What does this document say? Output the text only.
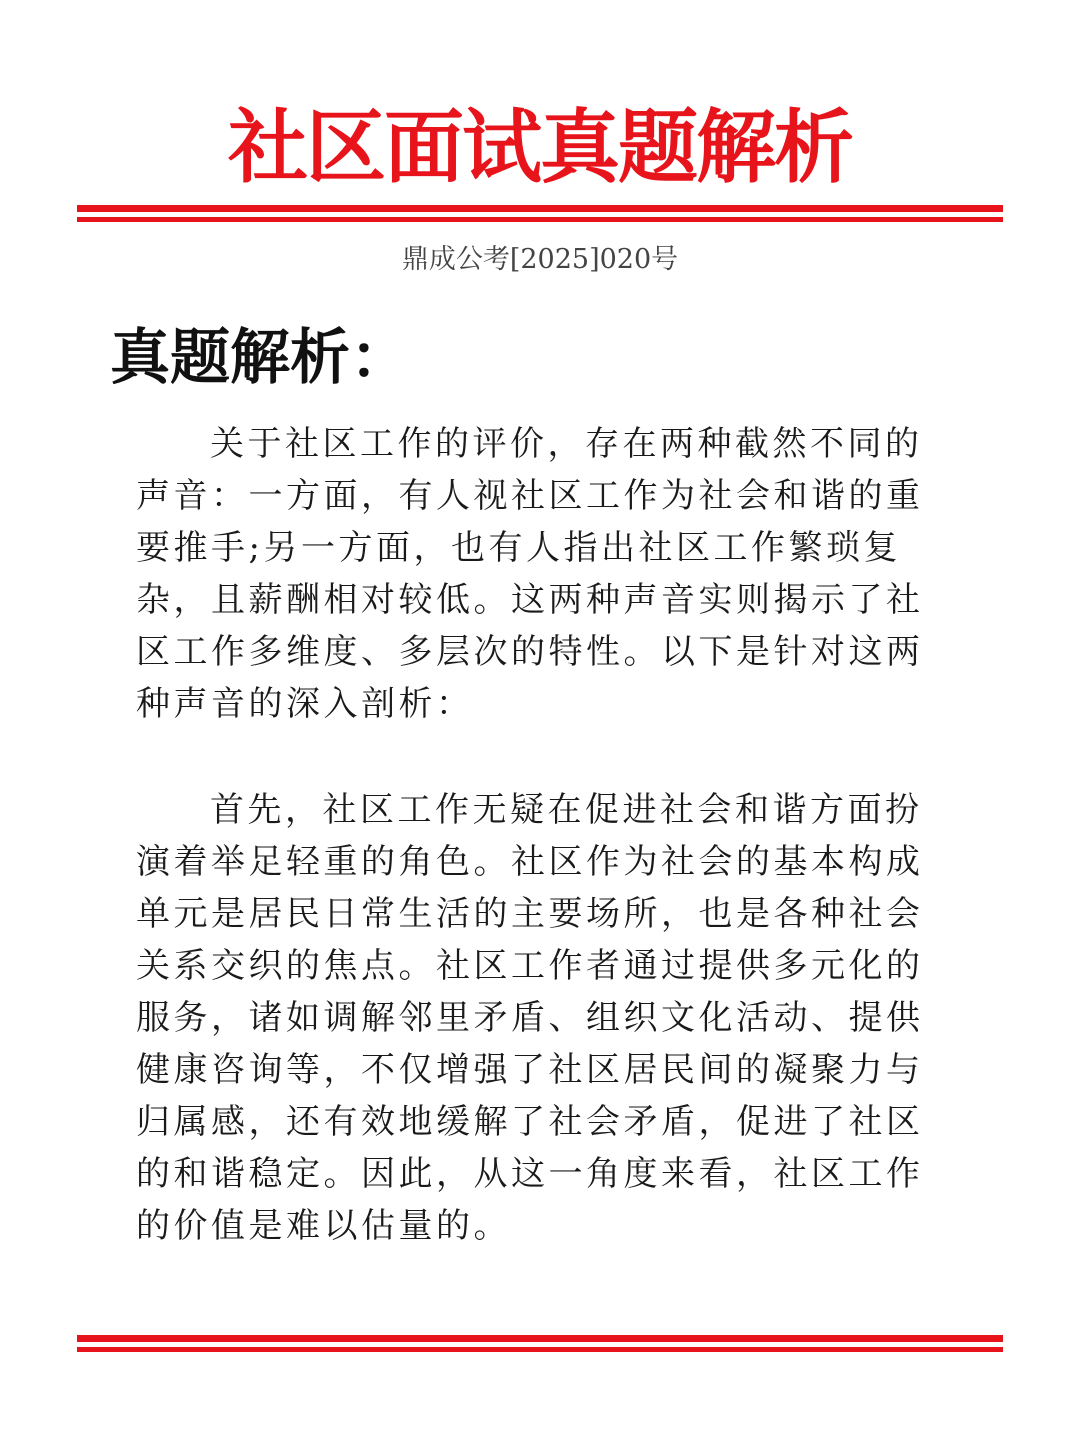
社区面试真题解析
鼎成公考[2025]020号
真题解析：
关于社区工作的评价，存在两种截然不同的
声音：一方面，有人视社区工作为社会和谐的重
要推手;另一方面，也有人指出社区工作繁琐复
杂，且薪酬相对较低。这两种声音实则揭示了社
区工作多维度、多层次的特性。以下是针对这两
种声音的深入剖析：
首先，社区工作无疑在促进社会和谐方面扮
演着举足轻重的角色。社区作为社会的基本构成
单元是居民日常生活的主要场所，也是各种社会
关系交织的焦点。社区工作者通过提供多元化的
服务，诸如调解邻里矛盾、组织文化活动、提供
健康咨询等，不仅增强了社区居民间的凝聚力与
归属感，还有效地缓解了社会矛盾，促进了社区
的和谐稳定。因此，从这一角度来看，社区工作
的价值是难以估量的。
